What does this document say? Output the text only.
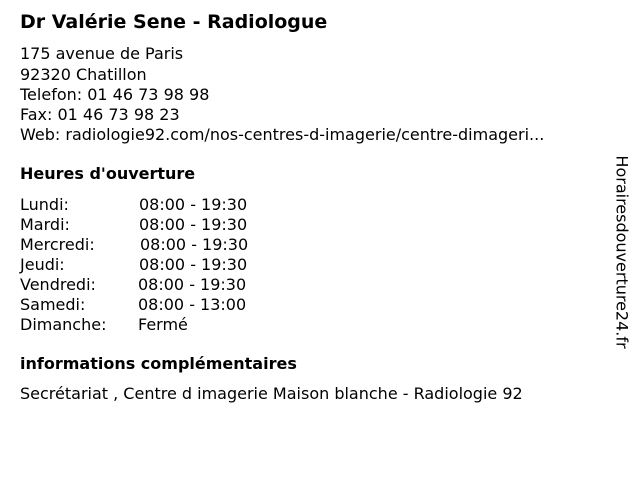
Dr Valérie Sene - Radiologue
175 avenue de Paris
92320 Chatillon
Telefon: 01 46 73 98 98
Fax: 01 46 73 98 23
Web: radiologie92.com/nos-centres-d-imagerie/centre-dimageri...
Heures d'ouverture
Lundi:	08:00 - 19:30
Mardi:	08:00 - 19:30
Mercredi:	08:00 - 19:30
Jeudi:	08:00 - 19:30
Vendredi:	08:00 - 19:30
Samedi:	08:00 - 13:00
Dimanche: Fermé
informations complémentaires
Secrétariat , Centre d imagerie Maison blanche - Radiologie 92
Horairesdouverture24.fr
